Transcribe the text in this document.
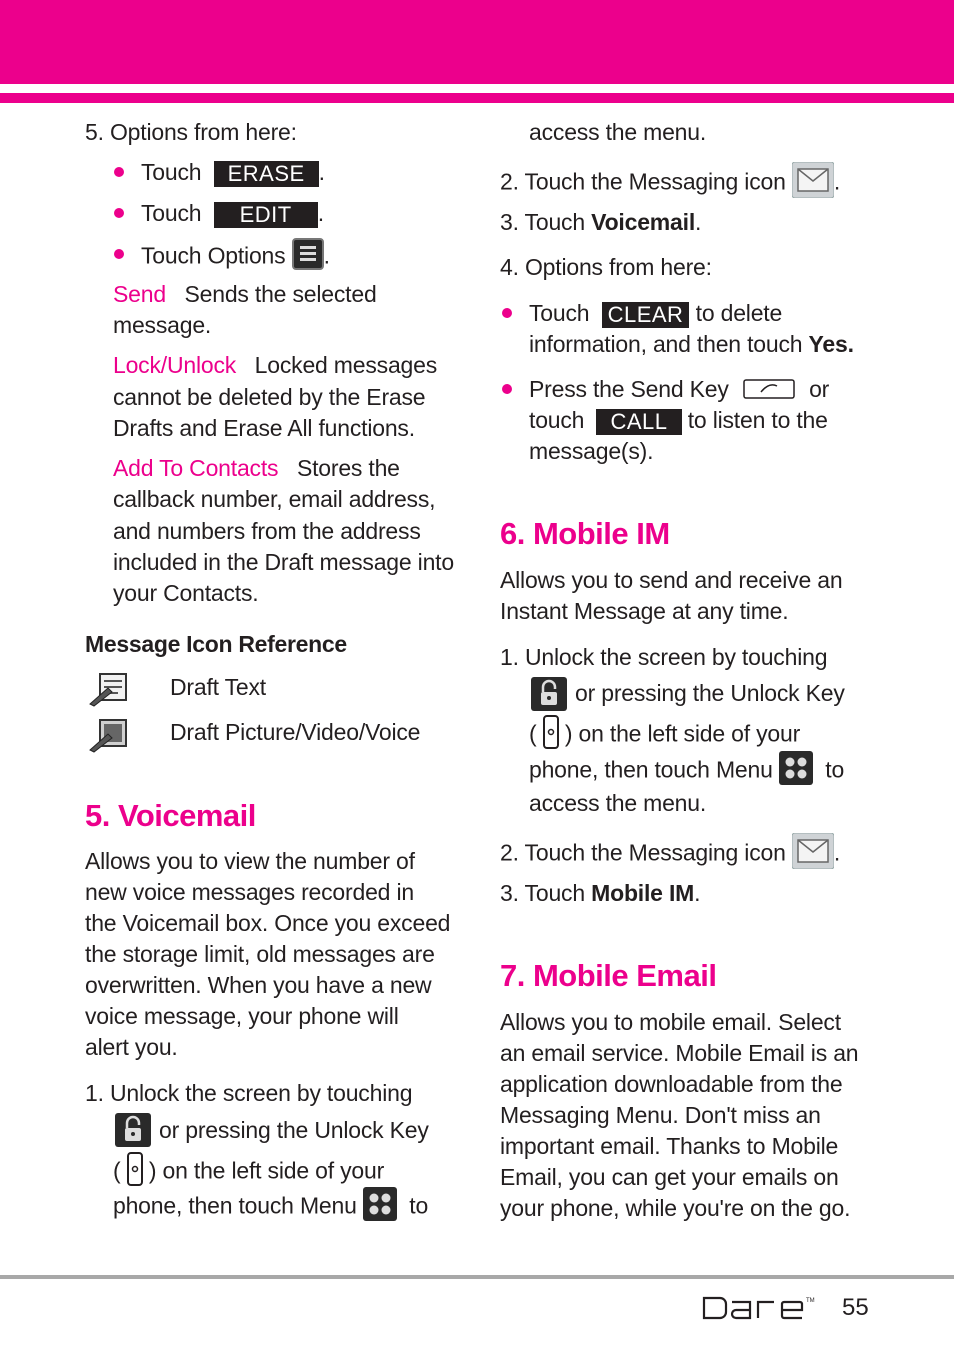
5. Options from here:
Touch ERASE .
Touch EDIT .
Touch Options .
Send Sends the selected
message.
Lock/Unlock Locked messages
cannot be deleted by the Erase
Drafts and Erase All functions.
Add To Contacts Stores the
callback number, email address,
and numbers from the address
included in the Draft message into
your Contacts.
Message Icon Reference
Draft Text
Draft Picture/Video/Voice
5. Voicemail
Allows you to view the number of
new voice messages recorded in
the Voicemail box. Once you exceed
the storage limit, old messages are
overwritten. When you have a new
voice message, your phone will
alert you.
1. Unlock the screen by touching
or pressing the Unlock Key
( ) on the left side of your
phone, then touch Menu to
access the menu.
2. Touch the Messaging icon .
3. Touch Voicemail.
4. Options from here:
Touch CLEAR to delete
information, and then touch Yes.
Press the Send Key	or
touch CALL to listen to the
message(s).
6. Mobile IM
Allows you to send and receive an
Instant Message at any time.
1. Unlock the screen by touching
or pressing the Unlock Key
( ) on the left side of your
phone, then touch Menu to
access the menu.
2. Touch the Messaging icon .
3. Touch Mobile IM.
7. Mobile Email
Allows you to mobile email. Select
an email service. Mobile Email is an
application downloadable from the
Messaging Menu. Don't miss an
important email. Thanks to Mobile
Email, you can get your emails on
your phone, while you're on the go.
TM 55
